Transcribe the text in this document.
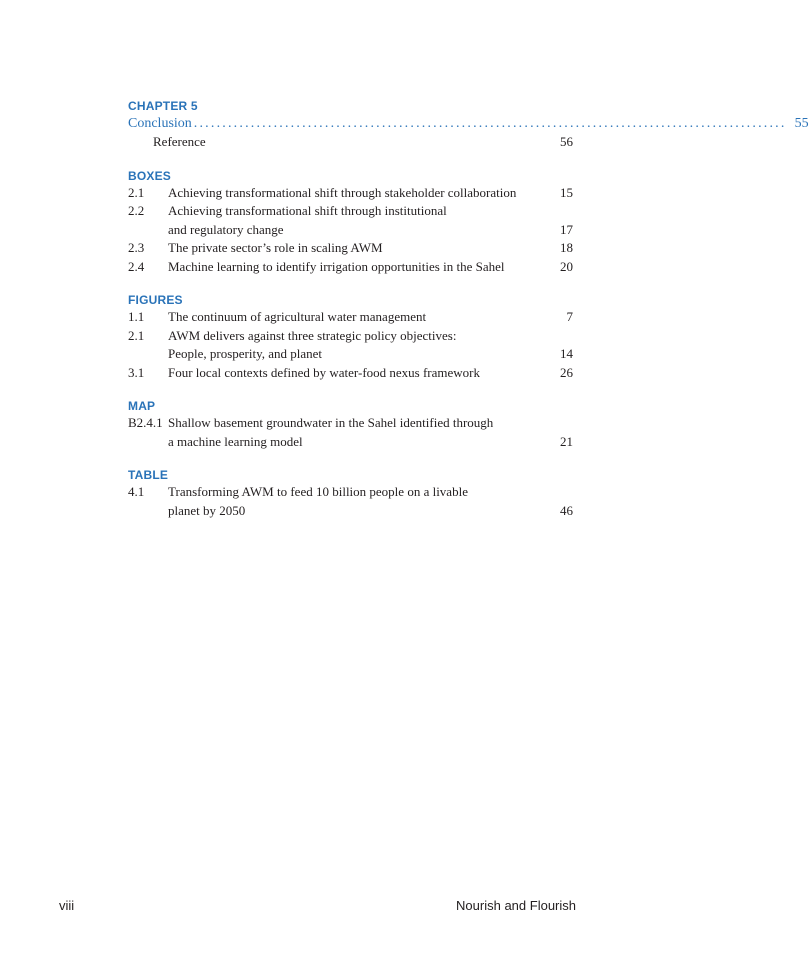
CHAPTER 5
Conclusion ........................................................................................................ 55
Reference	56
BOXES
2.1	Achieving transformational shift through stakeholder collaboration	15
2.2	Achieving transformational shift through institutional
and regulatory change	17
2.3	The private sector’s role in scaling AWM	18
2.4	Machine learning to identify irrigation opportunities in the Sahel	20
FIGURES
1.1	The continuum of agricultural water management	7
2.1	AWM delivers against three strategic policy objectives:
People, prosperity, and planet	14
3.1	Four local contexts defined by water-food nexus framework	26
MAP
B2.4.1 Shallow basement groundwater in the Sahel identified through
a machine learning model	21
TABLE
4.1	Transforming AWM to feed 10 billion people on a livable
planet by 2050	46
viii	Nourish and Flourish
